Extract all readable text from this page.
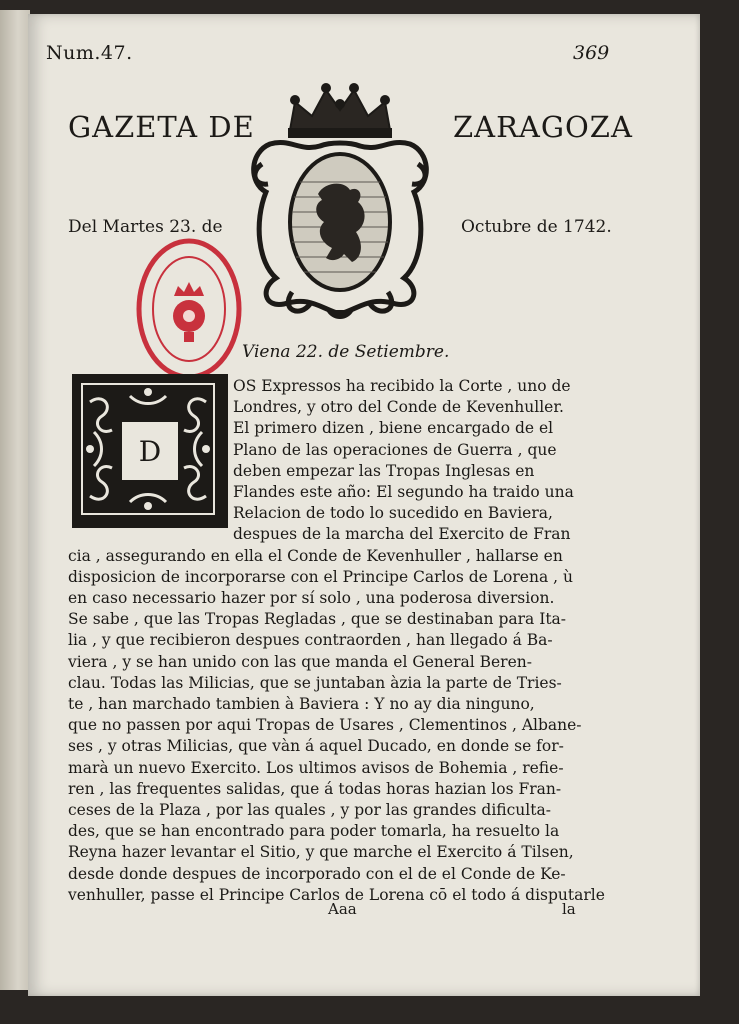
Num.47.	369
GAZETA DE	ZARAGOZA
Del Martes 23. de	Octubre de 1742.
Viena 22. de Setiembre.
D
OS Expressos ha recibido la Corte , uno de
Londres, y otro del Conde de Kevenhuller.
El primero dizen , biene encargado de el
Plano de las operaciones de Guerra , que
deben empezar las Tropas Inglesas en
Flandes este año: El segundo ha traido una
Relacion de todo lo sucedido en Baviera,
despues de la marcha del Exercito de Fran
cia , assegurando en ella el Conde de Kevenhuller , hallarse en
disposicion de incorporarse con el Principe Carlos de Lorena , ù
en caso necessario hazer por sí solo , una poderosa diversion.
Se sabe , que las Tropas Regladas , que se destinaban para Ita-
lia , y que recibieron despues contraorden , han llegado á Ba-
viera , y se han unido con las que manda el General Beren-
clau. Todas las Milicias, que se juntaban àzia la parte de Tries-
te , han marchado tambien à Baviera : Y no ay dia ninguno,
que no passen por aqui Tropas de Usares , Clementinos , Albane-
ses , y otras Milicias, que vàn á aquel Ducado, en donde se for-
marà un nuevo Exercito. Los ultimos avisos de Bohemia , refie-
ren , las frequentes salidas, que á todas horas hazian los Fran-
ceses de la Plaza , por las quales , y por las grandes dificulta-
des, que se han encontrado para poder tomarla, ha resuelto la
Reyna hazer levantar el Sitio, y que marche el Exercito á Tilsen,
desde donde despues de incorporado con el de el Conde de Ke-
venhuller, passe el Principe Carlos de Lorena cō el todo á disputarle
Aaa	la
